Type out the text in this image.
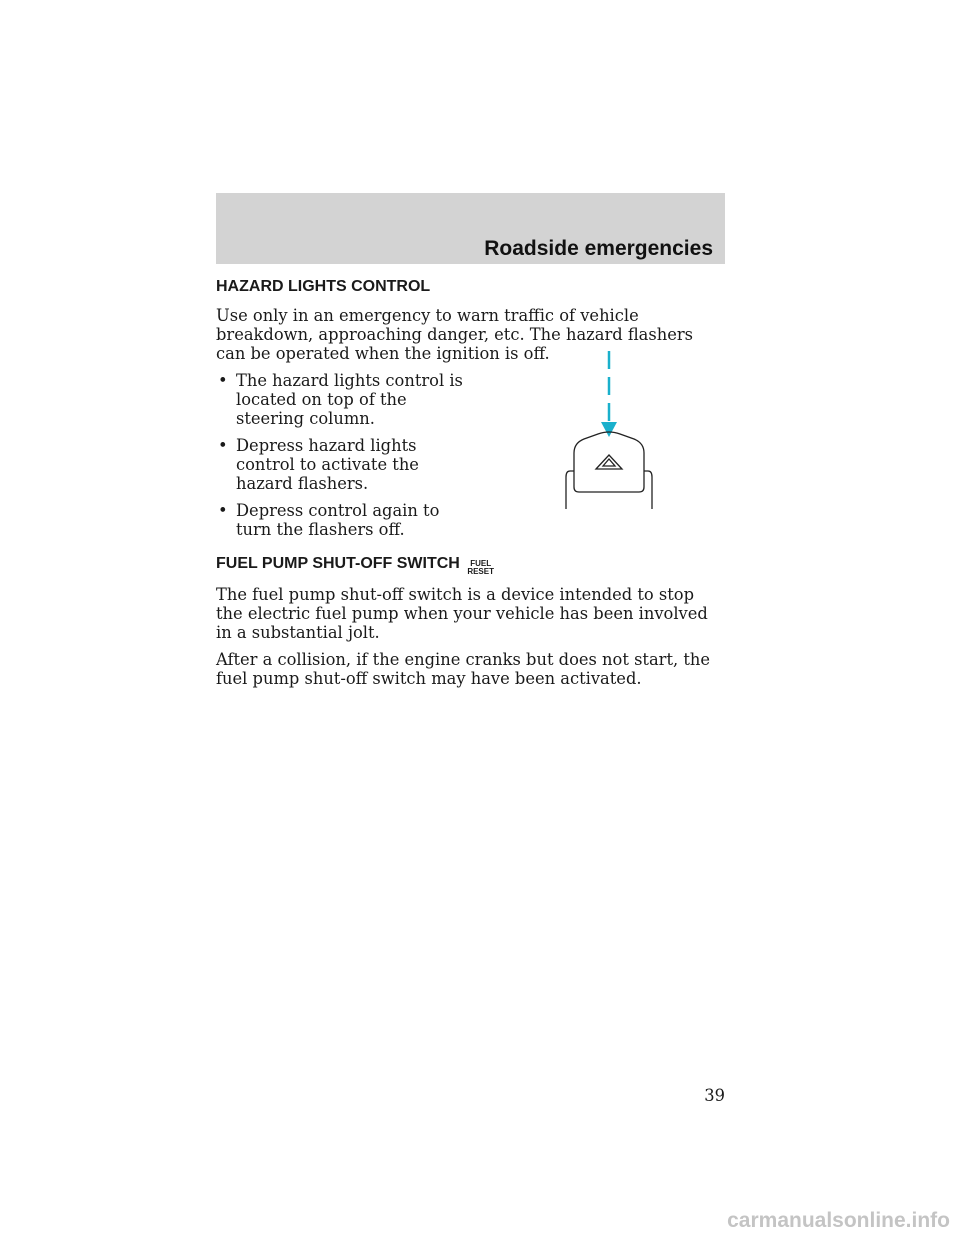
Roadside emergencies
HAZARD LIGHTS CONTROL

Use only in an emergency to warn traffic of vehicle breakdown, approaching danger, etc. The hazard flashers can be operated when the ignition is off.

• The hazard lights control is located on top of the steering column.
• Depress hazard lights control to activate the hazard flashers.
• Depress control again to turn the flashers off.
FUEL PUMP SHUT-OFF SWITCH	FUEL
RESET

The fuel pump shut-off switch is a device intended to stop the electric fuel pump when your vehicle has been involved in a substantial jolt.

After a collision, if the engine cranks but does not start, the fuel pump shut-off switch may have been activated.

39
carmanualsonline.info
